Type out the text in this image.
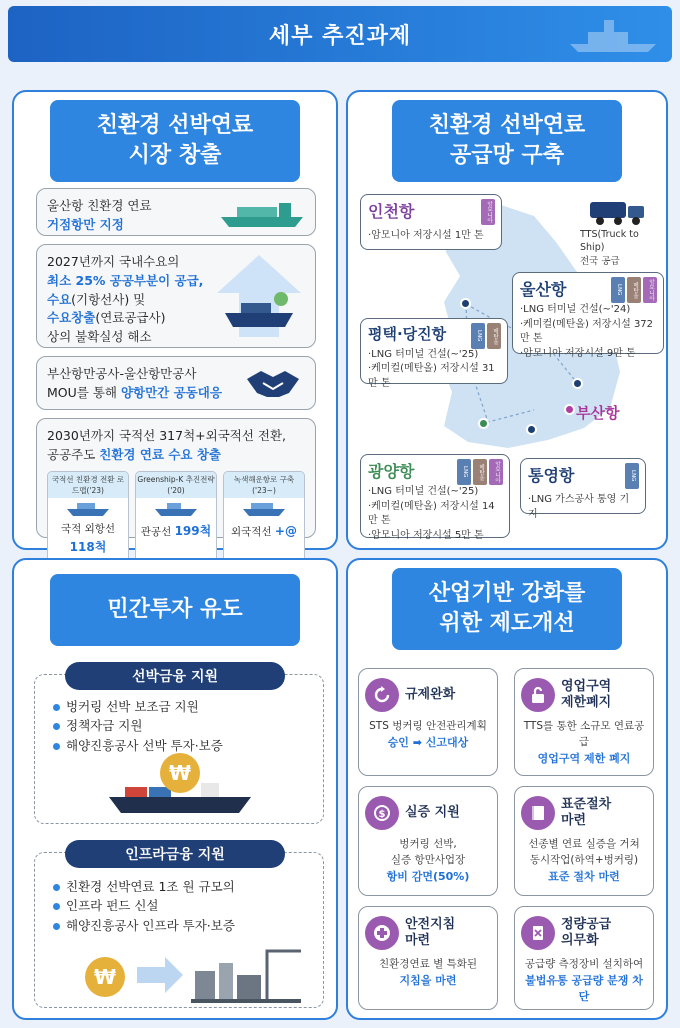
세부 추진과제
친환경 선박연료
시장 창출
울산항 친환경 연료
거점항만 지정
2027년까지 국내수요의
최소 25% 공공부분이 공급,
수요(기항선사) 및
수요창출(연료공급사)
상의 불확실성 해소
부산항만공사-울산항만공사
MOU를 통해 양항만간 공동대응
2030년까지 국적선 317척+외국적선 전환,
공공주도 친환경 연료 수요 창출
국적선 친환경 전환 로드맵('23)
국적 외항선 118척
Greenship-K 추진전략('20)
관공선 199척
녹색해운항로 구축('23~)
외국적선 +@
친환경 선박연료
공급망 구축
TTS(Truck to Ship)
전국 공급
부산항
인천항
·암모니아 저장시설 1만 톤
암모니아
울산항
·LNG 터미널 건설(~'24)
·케미컬(메탄올) 저장시설 372만 톤
·암모니아 저장시설 9만 톤
LNG	메탄올	암모니아
평택·당진항
·LNG 터미널 건설(~'25)
·케미컬(메탄올) 저장시설 31만 톤
LNG	메탄올
광양항
·LNG 터미널 건설(~'25)
·케미컬(메탄올) 저장시설 14만 톤
·암모니아 저장시설 5만 톤
LNG	메탄올	암모니아 통영항
·LNG 가스공사 통영 기지
LNG
민간투자 유도
벙커링 선박 보조금 지원
정책자금 지원
해양진흥공사 선박 투자·보증
₩
선박금융 지원
친환경 선박연료 1조 원 규모의
인프라 펀드 신설
해양진흥공사 인프라 투자·보증
₩
인프라금융 지원
산업기반 강화를
위한 제도개선
규제완화
STS 벙커링 안전관리계획
승인 ➡ 신고대상
영업구역
제한폐지
TTS를 통한 소규모 연료공급
영업구역 제한 폐지
$ 실증 지원
벙커링 선박,
실증 항만사업장
항비 감면(50%)
표준절차
마련
선종별 연료 실증을 거쳐
동시작업(하역+벙커링)
표준 절차 마련
안전지침
마련
친환경연료 별 특화된
지침을 마련
정량공급
의무화
공급량 측정장비 설치하여
불법유통 공급량 분쟁 차단
